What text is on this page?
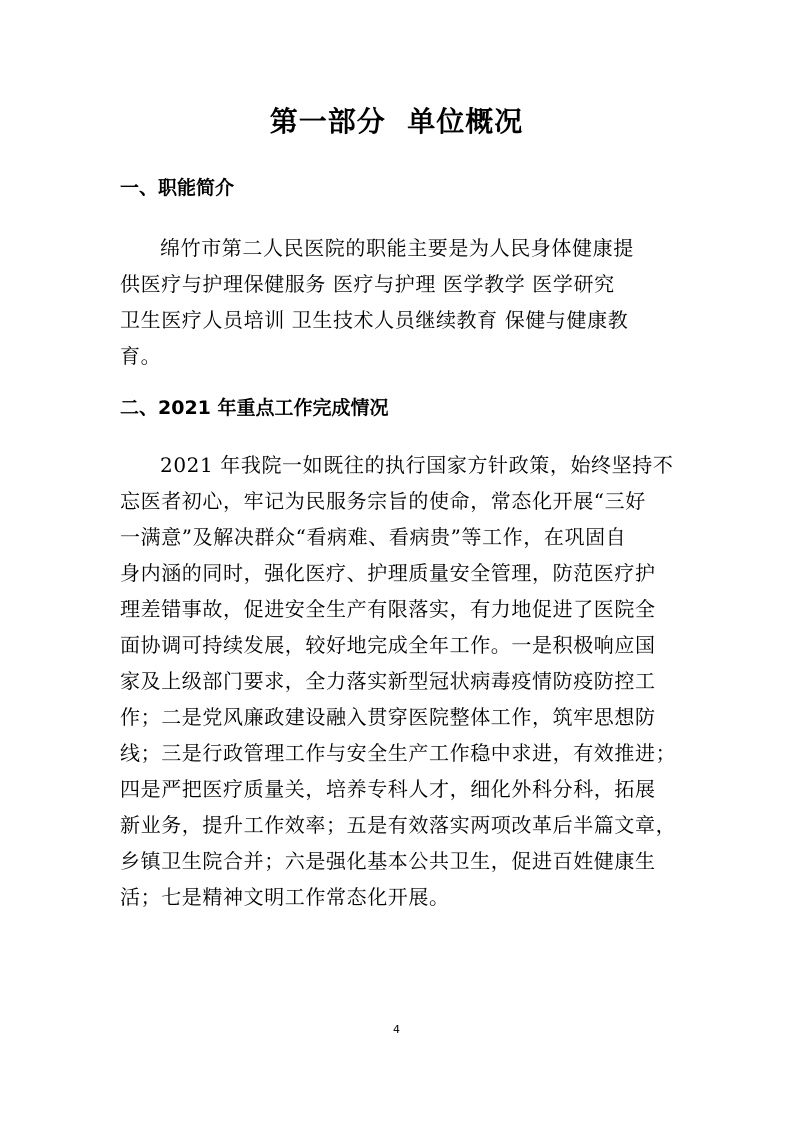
第一部分  单位概况
一、职能简介
绵竹市第二人民医院的职能主要是为人民身体健康提
供医疗与护理保健服务 医疗与护理 医学教学 医学研究
卫生医疗人员培训 卫生技术人员继续教育 保健与健康教
育。
二、2021 年重点工作完成情况
2021 年我院一如既往的执行国家方针政策，始终坚持不
忘医者初心，牢记为民服务宗旨的使命，常态化开展“三好
一满意”及解决群众“看病难、看病贵”等工作，在巩固自
身内涵的同时，强化医疗、护理质量安全管理，防范医疗护
理差错事故，促进安全生产有限落实，有力地促进了医院全
面协调可持续发展，较好地完成全年工作。一是积极响应国
家及上级部门要求，全力落实新型冠状病毒疫情防疫防控工
作；二是党风廉政建设融入贯穿医院整体工作，筑牢思想防
线；三是行政管理工作与安全生产工作稳中求进，有效推进；
四是严把医疗质量关，培养专科人才，细化外科分科，拓展
新业务，提升工作效率；五是有效落实两项改革后半篇文章，
乡镇卫生院合并；六是强化基本公共卫生，促进百姓健康生
活；七是精神文明工作常态化开展。
4
